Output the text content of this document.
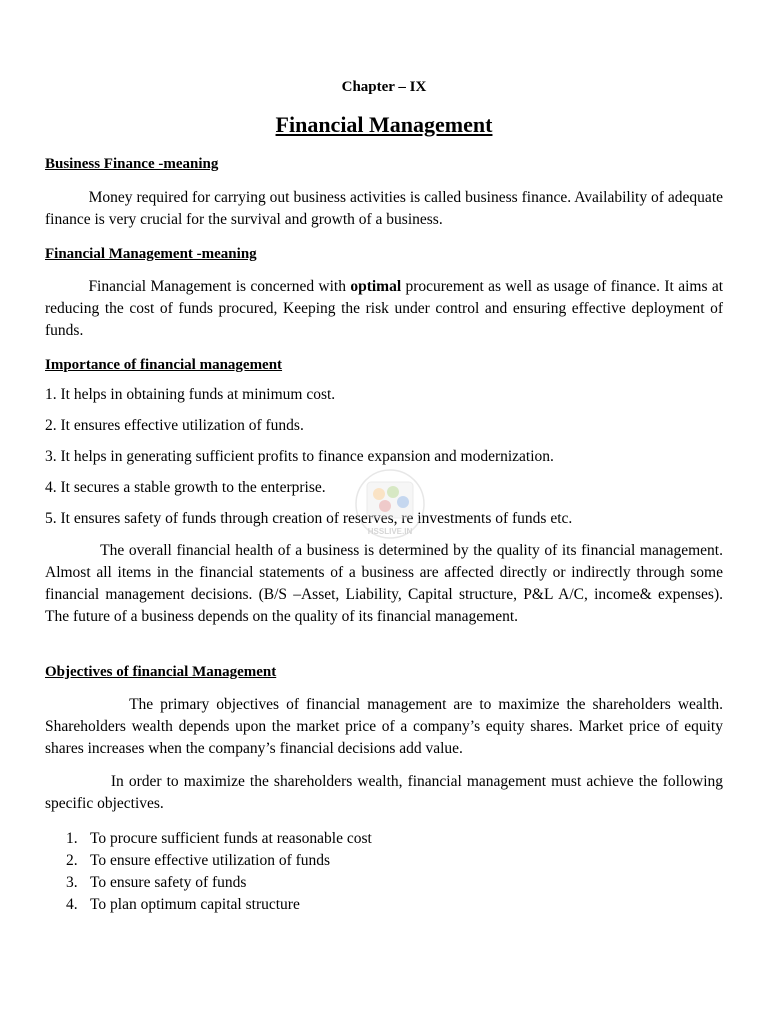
Chapter – IX
Financial Management
Business Finance -meaning
Money required for carrying out business activities is called business finance. Availability of adequate finance is very crucial for the survival and growth of a business.
Financial Management -meaning
Financial Management is concerned with optimal procurement as well as usage of finance. It aims at reducing the cost of funds procured, Keeping the risk under control and ensuring effective deployment of funds.
Importance of financial management
1. It helps in obtaining funds at minimum cost.
2. It ensures effective utilization of funds.
3. It helps in generating sufficient profits to finance expansion and modernization.
4. It secures a stable growth to the enterprise.
5. It ensures safety of funds through creation of reserves, re investments of funds etc.
The overall financial health of a business is determined by the quality of its financial management. Almost all items in the financial statements of a business are affected directly or indirectly through some financial management decisions. (B/S –Asset, Liability, Capital structure, P&L A/C, income& expenses). The future of a business depends on the quality of its financial management.
Objectives of financial Management
The primary objectives of financial management are to maximize the shareholders wealth. Shareholders wealth depends upon the market price of a company’s equity shares. Market price of equity shares increases when the company’s financial decisions add value.
In order to maximize the shareholders wealth, financial management must achieve the following specific objectives.
1. To procure sufficient funds at reasonable cost
2. To ensure effective utilization of funds
3. To ensure safety of funds
4. To plan optimum capital structure
HSSLIVE.IN
